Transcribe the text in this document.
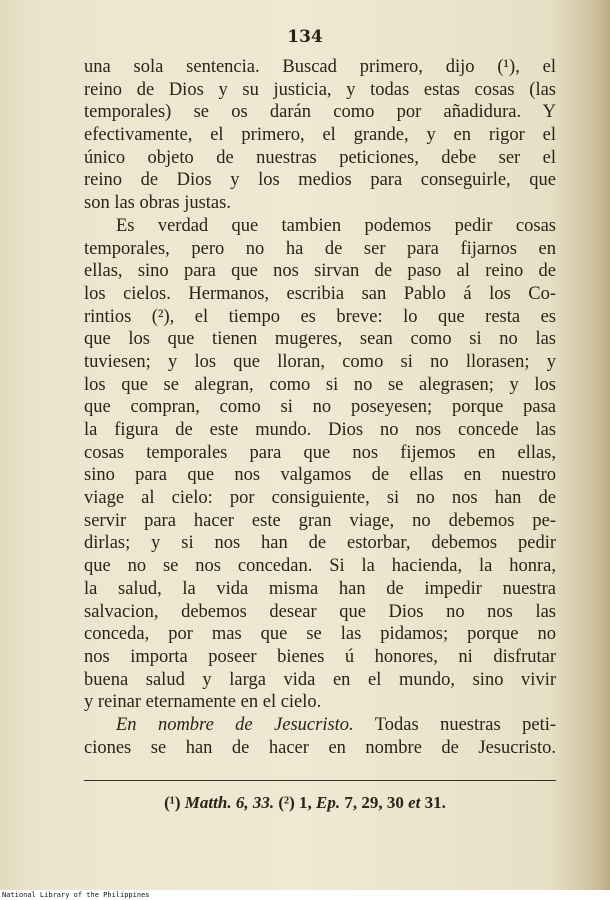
134
una sola sentencia. Buscad primero, dijo (¹), el
reino de Dios y su justicia, y todas estas cosas (las
temporales) se os darán como por añadidura. Y
efectivamente, el primero, el grande, y en rigor el
único objeto de nuestras peticiones, debe ser el
reino de Dios y los medios para conseguirle, que
son las obras justas.
Es verdad que tambien podemos pedir cosas
temporales, pero no ha de ser para fijarnos en
ellas, sino para que nos sirvan de paso al reino de
los cielos. Hermanos, escribia san Pablo á los Co-
rintios (²), el tiempo es breve: lo que resta es
que los que tienen mugeres, sean como si no las
tuviesen; y los que lloran, como si no llorasen; y
los que se alegran, como si no se alegrasen; y los
que compran, como si no poseyesen; porque pasa
la figura de este mundo. Dios no nos concede las
cosas temporales para que nos fijemos en ellas,
sino para que nos valgamos de ellas en nuestro
viage al cielo: por consiguiente, si no nos han de
servir para hacer este gran viage, no debemos pe-
dirlas; y si nos han de estorbar, debemos pedir
que no se nos concedan. Si la hacienda, la honra,
la salud, la vida misma han de impedir nuestra
salvacion, debemos desear que Dios no nos las
conceda, por mas que se las pidamos; porque no
nos importa poseer bienes ú honores, ni disfrutar
buena salud y larga vida en el mundo, sino vivir
y reinar eternamente en el cielo.
En nombre de Jesucristo. Todas nuestras peti-
ciones se han de hacer en nombre de Jesucristo.
(¹) Matth. 6, 33. (²) 1, Ep. 7, 29, 30 et 31.
National Library of the Philippines
